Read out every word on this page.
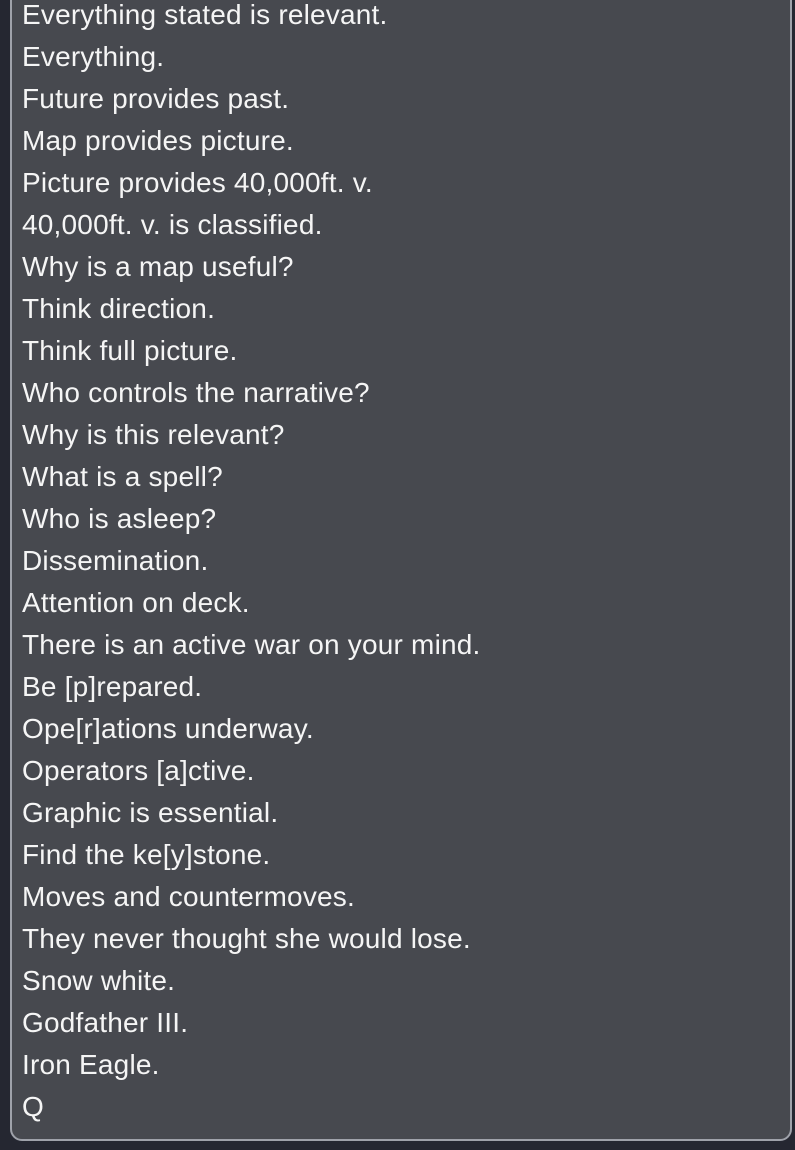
Everything stated is relevant.
Everything.
Future provides past.
Map provides picture.
Picture provides 40,000ft. v.
40,000ft. v. is classified.
Why is a map useful?
Think direction.
Think full picture.
Who controls the narrative?
Why is this relevant?
What is a spell?
Who is asleep?
Dissemination.
Attention on deck.
There is an active war on your mind.
Be [p]repared.
Ope[r]ations underway.
Operators [a]ctive.
Graphic is essential.
Find the ke[y]stone.
Moves and countermoves.
They never thought she would lose.
Snow white.
Godfather III.
Iron Eagle.
Q
